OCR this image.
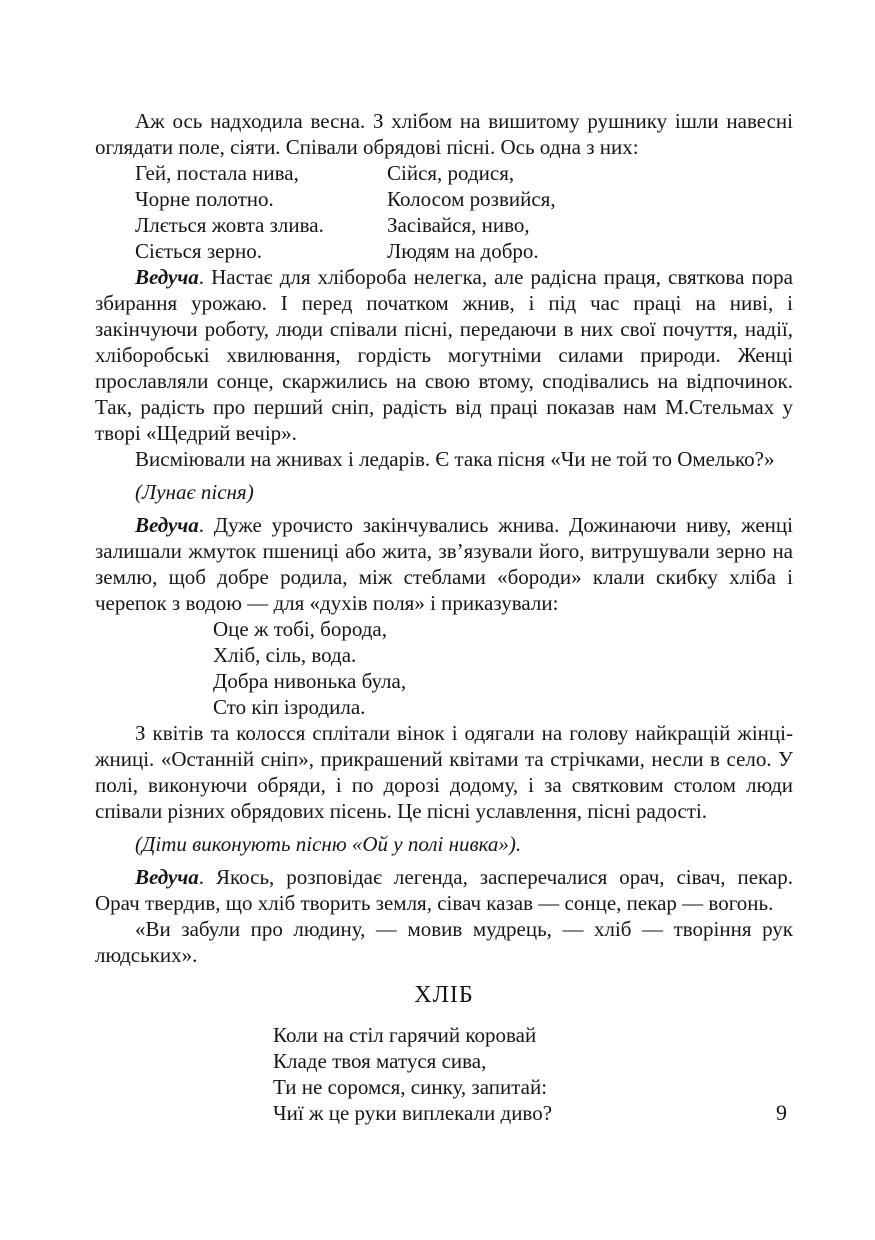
Аж ось надходила весна. З хлібом на вишитому рушнику ішли навесні оглядати поле, сіяти. Співали обрядові пісні. Ось одна з них:

Гей, постала нива,
Чорне полотно.
Ллється жовта злива.
Сіється зерно.
Сійся, родися,
Колосом розвийся,
Засівайся, ниво,
Людям на добро.

Ведуча. Настає для хлібороба нелегка, але радісна праця, святкова пора збирання урожаю. І перед початком жнив, і під час праці на ниві, і закінчуючи роботу, люди співали пісні, передаючи в них свої почуття, надії, хліборобські хвилювання, гордість могутніми силами природи. Женці прославляли сонце, скаржились на свою втому, сподівались на відпочинок. Так, радість про перший сніп, радість від праці показав нам М.Стельмах у творі «Щедрий вечір».

Висміювали на жнивах і ледарів. Є така пісня «Чи не той то Омелько?»

(Лунає пісня)

Ведуча. Дуже урочисто закінчувались жнива. Дожинаючи ниву, женці залишали жмуток пшениці або жита, зв’язували його, витрушували зерно на землю, щоб добре родила, між стеблами «бороди» клали скибку хліба і черепок з водою — для «духів поля» і приказували:

Оце ж тобі, борода,
Хліб, сіль, вода.
Добра нивонька була,
Сто кіп ізродила.

З квітів та колосся сплітали вінок і одягали на голову найкращій жінці-жниці. «Останній сніп», прикрашений квітами та стрічками, несли в село. У полі, виконуючи обряди, і по дорозі додому, і за святковим столом люди співали різних обрядових пісень. Це пісні уславлення, пісні радості.

(Діти виконують пісню «Ой у полі нивка»).

Ведуча. Якось, розповідає легенда, засперечалися орач, сівач, пекар. Орач твердив, що хліб творить земля, сівач казав — сонце, пекар — вогонь.

«Ви забули про людину, — мовив мудрець, — хліб — творіння рук людських».

ХЛІБ

Коли на стіл гарячий коровай
Кладе твоя матуся сива,
Ти не соромся, синку, запитай:
Чиї ж це руки виплекали диво?	9
